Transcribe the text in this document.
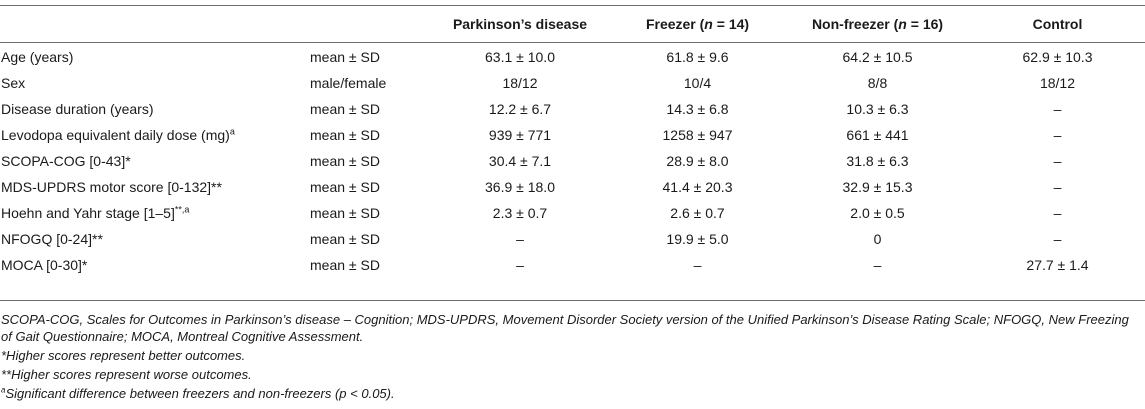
		Parkinson’s disease	Freezer (n = 14)	Non-freezer (n = 16)	Control
Age (years)	mean ± SD	63.1 ± 10.0	61.8 ± 9.6	64.2 ± 10.5	62.9 ± 10.3
Sex	male/female	18/12	10/4	8/8	18/12
Disease duration (years)	mean ± SD	12.2 ± 6.7	14.3 ± 6.8	10.3 ± 6.3	–
Levodopa equivalent daily dose (mg)$^a$	mean ± SD	939 ± 771	1258 ± 947	661 ± 441	–
SCOPA-COG [0-43]*	mean ± SD	30.4 ± 7.1	28.9 ± 8.0	31.8 ± 6.3	–
MDS-UPDRS motor score [0-132]**	mean ± SD	36.9 ± 18.0	41.4 ± 20.3	32.9 ± 15.3	–
Hoehn and Yahr stage $[1-5]^{**,a}$	mean ± SD	2.3 ± 0.7	2.6 ± 0.7	2.0 ± 0.5	–
NFOGQ [0-24]**	mean ± SD	–	19.9 ± 5.0	0	–
MOCA [0-30]*	mean ± SD	–	–	–	27.7 ± 1.4

SCOPA-COG, Scales for Outcomes in Parkinson’s disease – Cognition; MDS-UPDRS, Movement Disorder Society version of the Unified Parkinson’s Disease Rating Scale; NFOGQ, New Freezing of Gait Questionnaire; MOCA, Montreal Cognitive Assessment.

*Higher scores represent better outcomes.

**Higher scores represent worse outcomes.

$^a$Significant difference between freezers and non-freezers (p < 0.05).
